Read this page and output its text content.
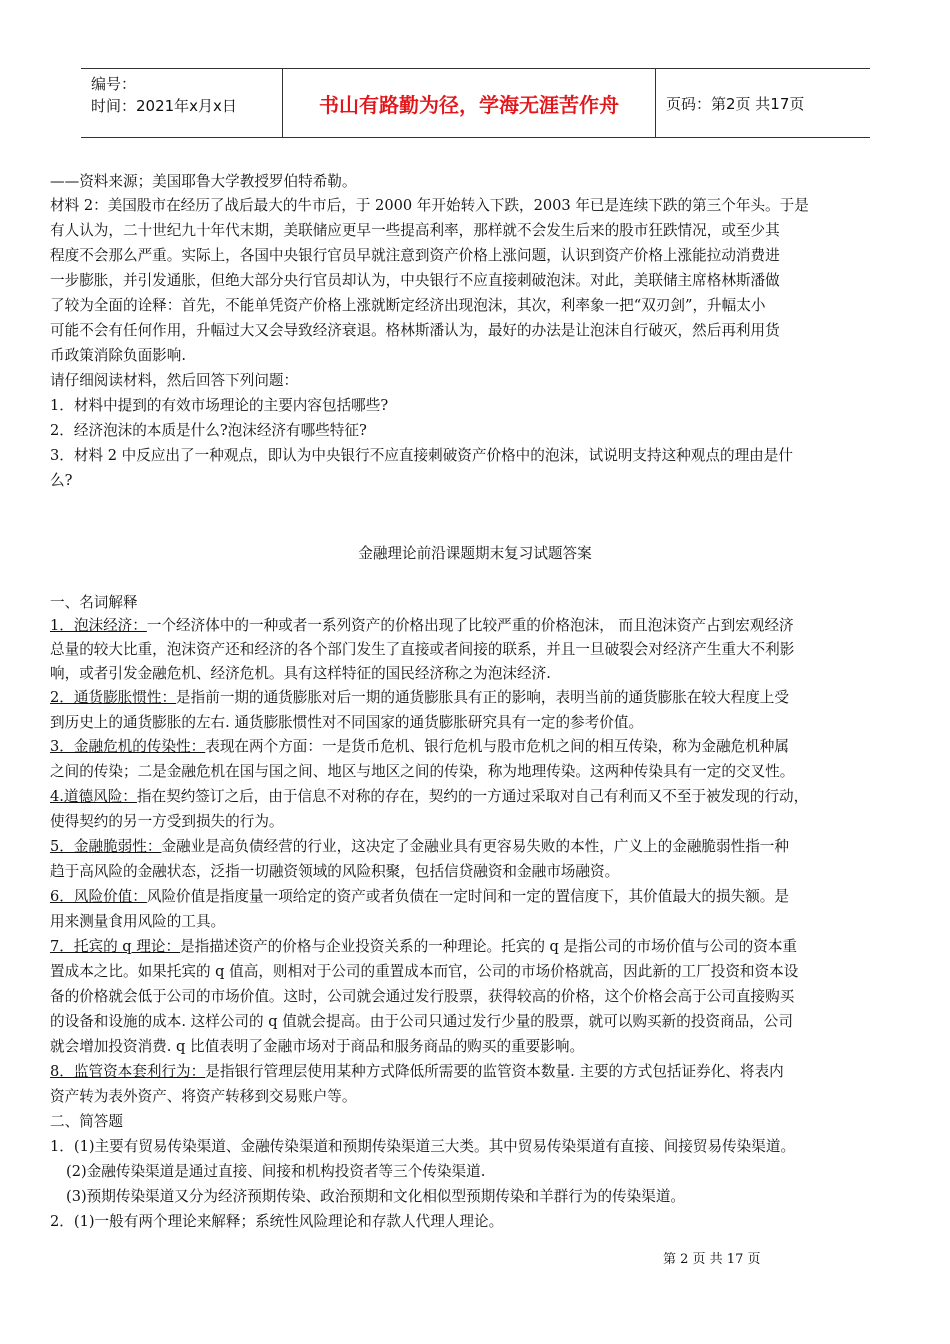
编号：
时间：2021年x月x日	书山有路勤为径，学海无涯苦作舟	页码：第2页 共17页
——资料来源；美国耶鲁大学教授罗伯特希勒。
材料 2：美国股市在经历了战后最大的牛市后，于 2000 年开始转入下跌，2003 年已是连续下跌的第三个年头。于是
有人认为，二十世纪九十年代末期，美联储应更早一些提高利率，那样就不会发生后来的股市狂跌情况，或至少其
程度不会那么严重。实际上，各国中央银行官员早就注意到资产价格上涨问题，认识到资产价格上涨能拉动消费进
一步膨胀，并引发通胀，但绝大部分央行官员却认为，中央银行不应直接刺破泡沫。对此，美联储主席格林斯潘做
了较为全面的诠释：首先，不能单凭资产价格上涨就断定经济出现泡沫，其次，利率象一把“双刃剑”，升幅太小
可能不会有任何作用，升幅过大又会导致经济衰退。格林斯潘认为，最好的办法是让泡沫自行破灭，然后再利用货
币政策消除负面影响.
请仔细阅读材料，然后回答下列问题：
1．材料中提到的有效市场理论的主要内容包括哪些?
2．经济泡沫的本质是什么?泡沫经济有哪些特征?
3．材料 2 中反应出了一种观点，即认为中央银行不应直接刺破资产价格中的泡沫，试说明支持这种观点的理由是什
么?
金融理论前沿课题期末复习试题答案
一、名词解释
1．泡沫经济：一个经济体中的一种或者一系列资产的价格出现了比较严重的价格泡沫， 而且泡沫资产占到宏观经济
总量的较大比重，泡沫资产还和经济的各个部门发生了直接或者间接的联系，并且一旦破裂会对经济产生重大不利影
响，或者引发金融危机、经济危机。具有这样特征的国民经济称之为泡沫经济.
2．通货膨胀惯性：是指前一期的通货膨胀对后一期的通货膨胀具有正的影响，表明当前的通货膨胀在较大程度上受
到历史上的通货膨胀的左右. 通货膨胀惯性对不同国家的通货膨胀研究具有一定的参考价值。
3．金融危机的传染性：表现在两个方面：一是货币危机、银行危机与股市危机之间的相互传染，称为金融危机种属
之间的传染；二是金融危机在国与国之间、地区与地区之间的传染，称为地理传染。这两种传染具有一定的交叉性。
4.道德风险：指在契约签订之后，由于信息不对称的存在，契约的一方通过采取对自己有利而又不至于被发现的行动，
使得契约的另一方受到损失的行为。
5．金融脆弱性：金融业是高负债经营的行业，这决定了金融业具有更容易失败的本性，广义上的金融脆弱性指一种
趋于高风险的金融状态，泛指一切融资领域的风险积聚，包括信贷融资和金融市场融资。
6．风险价值：风险价值是指度量一项给定的资产或者负债在一定时间和一定的置信度下，其价值最大的损失额。是
用来测量食用风险的工具。
7．托宾的 q 理论：是指描述资产的价格与企业投资关系的一种理论。托宾的 q 是指公司的市场价值与公司的资本重
置成本之比。如果托宾的 q 值高，则相对于公司的重置成本而官，公司的市场价格就高，因此新的工厂投资和资本设
备的价格就会低于公司的市场价值。这时，公司就会通过发行股票，获得较高的价格，这个价格会高于公司直接购买
的设备和设施的成本. 这样公司的 q 值就会提高。由于公司只通过发行少量的股票，就可以购买新的投资商品，公司
就会增加投资消费. q 比值表明了金融市场对于商品和服务商品的购买的重要影响。
8．监管资本套利行为：是指银行管理层使用某种方式降低所需要的监管资本数量. 主要的方式包括证券化、将表内
资产转为表外资产、将资产转移到交易账户等。
二、简答题
1．(1)主要有贸易传染渠道、金融传染渠道和预期传染渠道三大类。其中贸易传染渠道有直接、间接贸易传染渠道。
(2)金融传染渠道是通过直接、间接和机构投资者等三个传染渠道.
(3)预期传染渠道又分为经济预期传染、政治预期和文化相似型预期传染和羊群行为的传染渠道。
2．(1)一般有两个理论来解释；系统性风险理论和存款人代理人理论。
第 2 页 共 17 页
